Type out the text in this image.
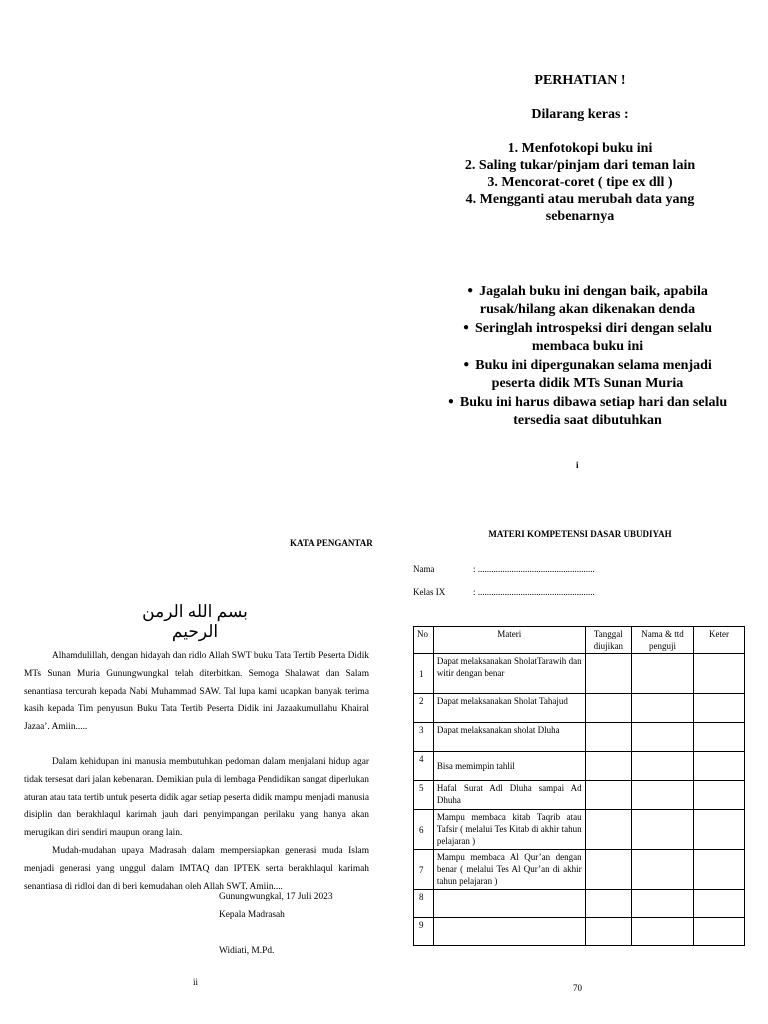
PERHATIAN !
Dilarang keras :
1. Menfotokopi buku ini
2. Saling tukar/pinjam dari teman lain
3. Mencorat-coret ( tipe ex dll )
4. Mengganti atau merubah data yang
sebenarnya
● Jagalah buku ini dengan baik, apabila
rusak/hilang akan dikenakan denda
● Seringlah introspeksi diri dengan selalu
membaca buku ini
● Buku ini dipergunakan selama menjadi
peserta didik MTs Sunan Muria
● Buku ini harus dibawa setiap hari dan selalu
tersedia saat dibutuhkan
i
KATA PENGANTAR
بسم الله الرمن الرحيم

Alhamdulillah, dengan hidayah dan ridlo Allah SWT buku Tata Tertib Peserta Didik MTs Sunan Muria Gunungwungkal telah diterbitkan. Semoga Shalawat dan Salam senantiasa tercurah kepada Nabi Muhammad SAW. Tal lupa kami ucapkan banyak terima kasih kepada Tim penyusun Buku Tata Tertib Peserta Didik ini Jazaakumullahu Khairal Jazaa’. Amiin.....

Dalam kehidupan ini manusia membutuhkan pedoman dalam menjalani hidup agar tidak tersesat dari jalan kebenaran. Demikian pula di lembaga Pendidikan sangat diperlukan aturan atau tata tertib untuk peserta didik agar setiap peserta didik mampu menjadi manusia disiplin dan berakhlaqul karimah jauh dari penyimpangan perilaku yang hanya akan merugikan diri sendiri maupun orang lain.

Mudah-mudahan upaya Madrasah dalam mempersiapkan generasi muda Islam menjadi generasi yang unggul dalam IMTAQ dan IPTEK serta berakhlaqul karimah senantiasa di ridloi dan di beri kemudahan oleh Allah SWT. Amiin....

Gunungwungkal, 17 Juli 2023
Kepala Madrasah
Widiati, M.Pd.
ii
MATERI KOMPETENSI DASAR UBUDIYAH
Nama	: ....................................................
Kelas IX	: ....................................................
No	Materi	Tanggal diujikan	Nama & ttd penguji	Keter
1	Dapat melaksanakan SholatTarawih dan witir dengan benar			
2	Dapat melaksanakan Sholat Tahajud			
3	Dapat melaksanakan sholat Dluha			
4	Bisa memimpin tahlil			
5	Hafal Surat Adl Dluha sampai Ad Dhuha			
6	Mampu membaca kitab Taqrib atau Tafsir ( melalui Tes Kitab di akhir tahun pelajaran )			
7	Mampu membaca Al Qur’an dengan benar ( melalui Tes Al Qur’an di akhir tahun pelajaran )			
8				
9				
70
